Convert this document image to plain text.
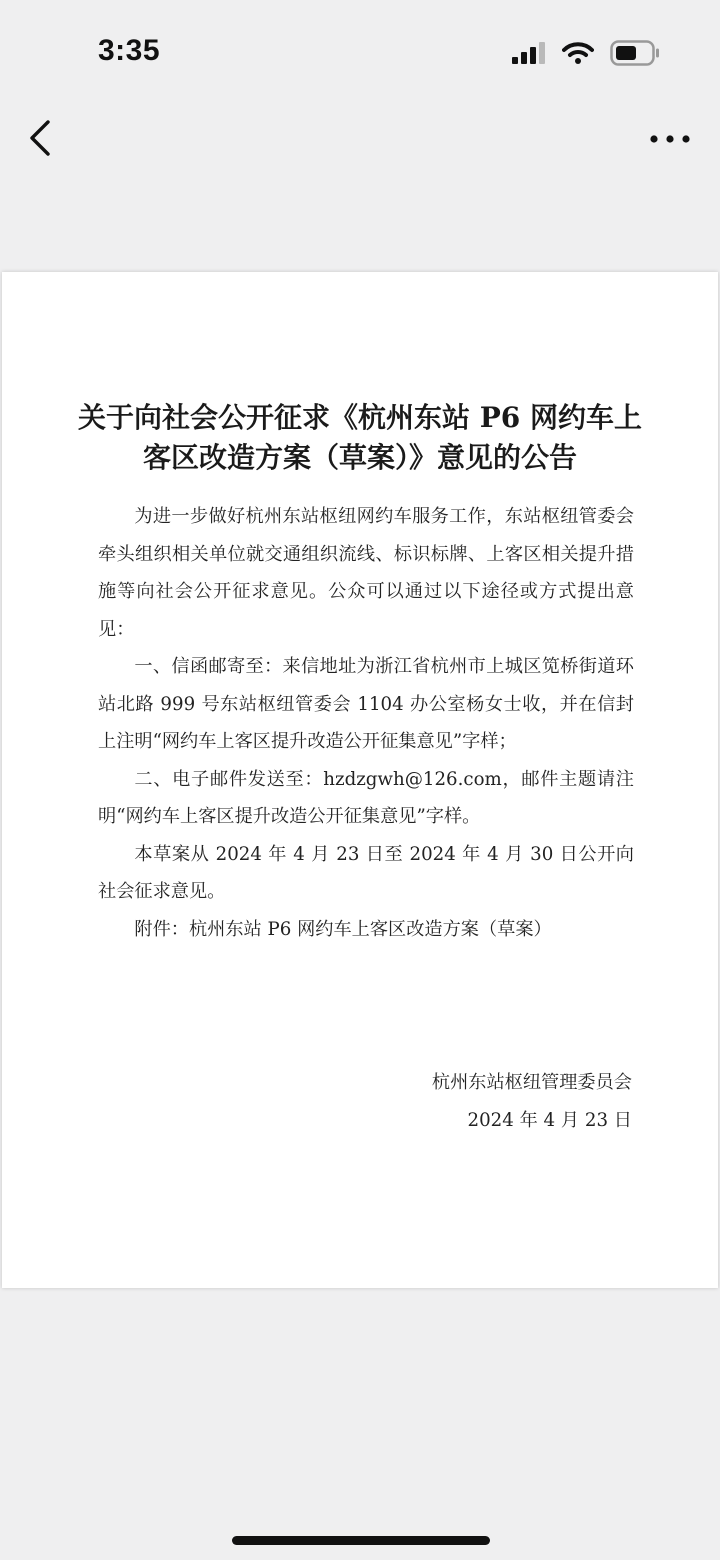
3:35
关于向社会公开征求《杭州东站 P6 网约车上
客区改造方案（草案）》意见的公告

为进一步做好杭州东站枢纽网约车服务工作，东站枢纽管委会牵头组织相关单位就交通组织流线、标识标牌、上客区相关提升措施等向社会公开征求意见。公众可以通过以下途径或方式提出意见：

一、信函邮寄至：来信地址为浙江省杭州市上城区笕桥街道环站北路 999 号东站枢纽管委会 1104 办公室杨女士收，并在信封上注明“网约车上客区提升改造公开征集意见”字样；

二、电子邮件发送至：hzdzgwh@126.com，邮件主题请注明“网约车上客区提升改造公开征集意见”字样。

本草案从 2024 年 4 月 23 日至 2024 年 4 月 30 日公开向社会征求意见。

附件：杭州东站 P6 网约车上客区改造方案（草案）

杭州东站枢纽管理委员会
2024 年 4 月 23 日
